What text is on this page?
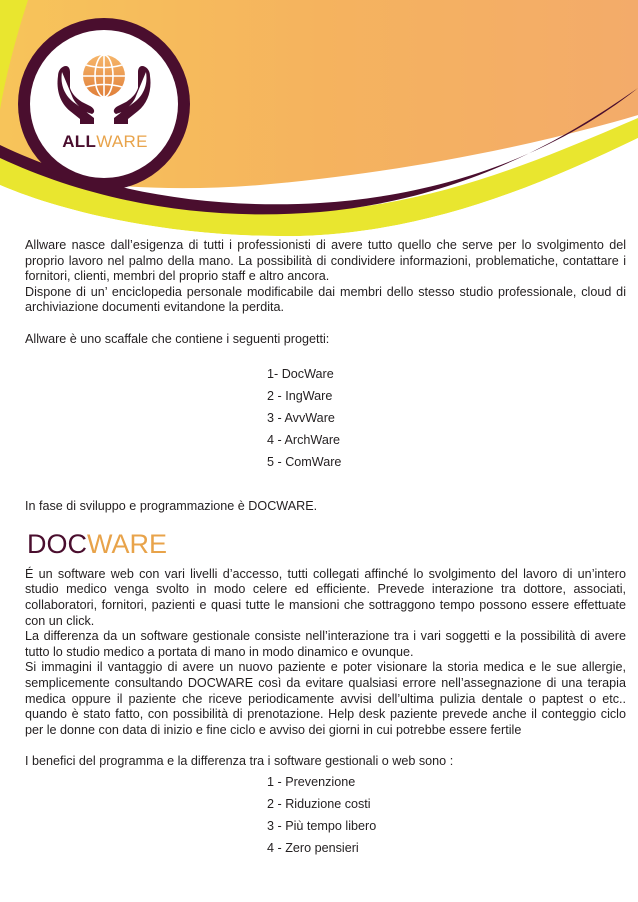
ALLWARE

Allware nasce dall’esigenza di tutti i professionisti di avere tutto quello che serve per lo svolgimento del proprio lavoro nel palmo della mano. La possibilità di condividere informazioni, problematiche, contattare i fornitori, clienti, membri del proprio staff e altro ancora.

Dispone di un’ enciclopedia personale modificabile dai membri dello stesso studio professionale, cloud di archiviazione documenti evitandone la perdita.

Allware è uno scaffale che contiene i seguenti progetti:

1- DocWare
2 - IngWare
3 - AvvWare
4 - ArchWare
5 - ComWare

In fase di sviluppo e programmazione è DOCWARE.

DOCWARE

É un software web con vari livelli d’accesso, tutti collegati affinché lo svolgimento del lavoro di un’intero studio medico venga svolto in modo celere ed efficiente. Prevede interazione tra dottore, associati, collaboratori, fornitori, pazienti e quasi tutte le mansioni che sottraggono tempo possono essere effettuate con un click.

La differenza da un software gestionale consiste nell’interazione tra i vari soggetti e la possibilità di avere tutto lo studio medico a portata di mano in modo dinamico e ovunque.

Si immagini il vantaggio di avere un nuovo paziente e poter visionare la storia medica e le sue allergie, semplicemente consultando DOCWARE così da evitare qualsiasi errore nell’assegnazione di una terapia medica oppure il paziente che riceve periodicamente avvisi dell’ultima pulizia dentale o paptest o etc.. quando è stato fatto, con possibilità di prenotazione. Help desk paziente prevede anche il conteggio ciclo per le donne con data di inizio e fine ciclo e avviso dei giorni in cui potrebbe essere fertile

I benefici del programma e la differenza tra i software gestionali o web sono :

1 - Prevenzione
2 - Riduzione costi
3 - Più tempo libero
4 - Zero pensieri
